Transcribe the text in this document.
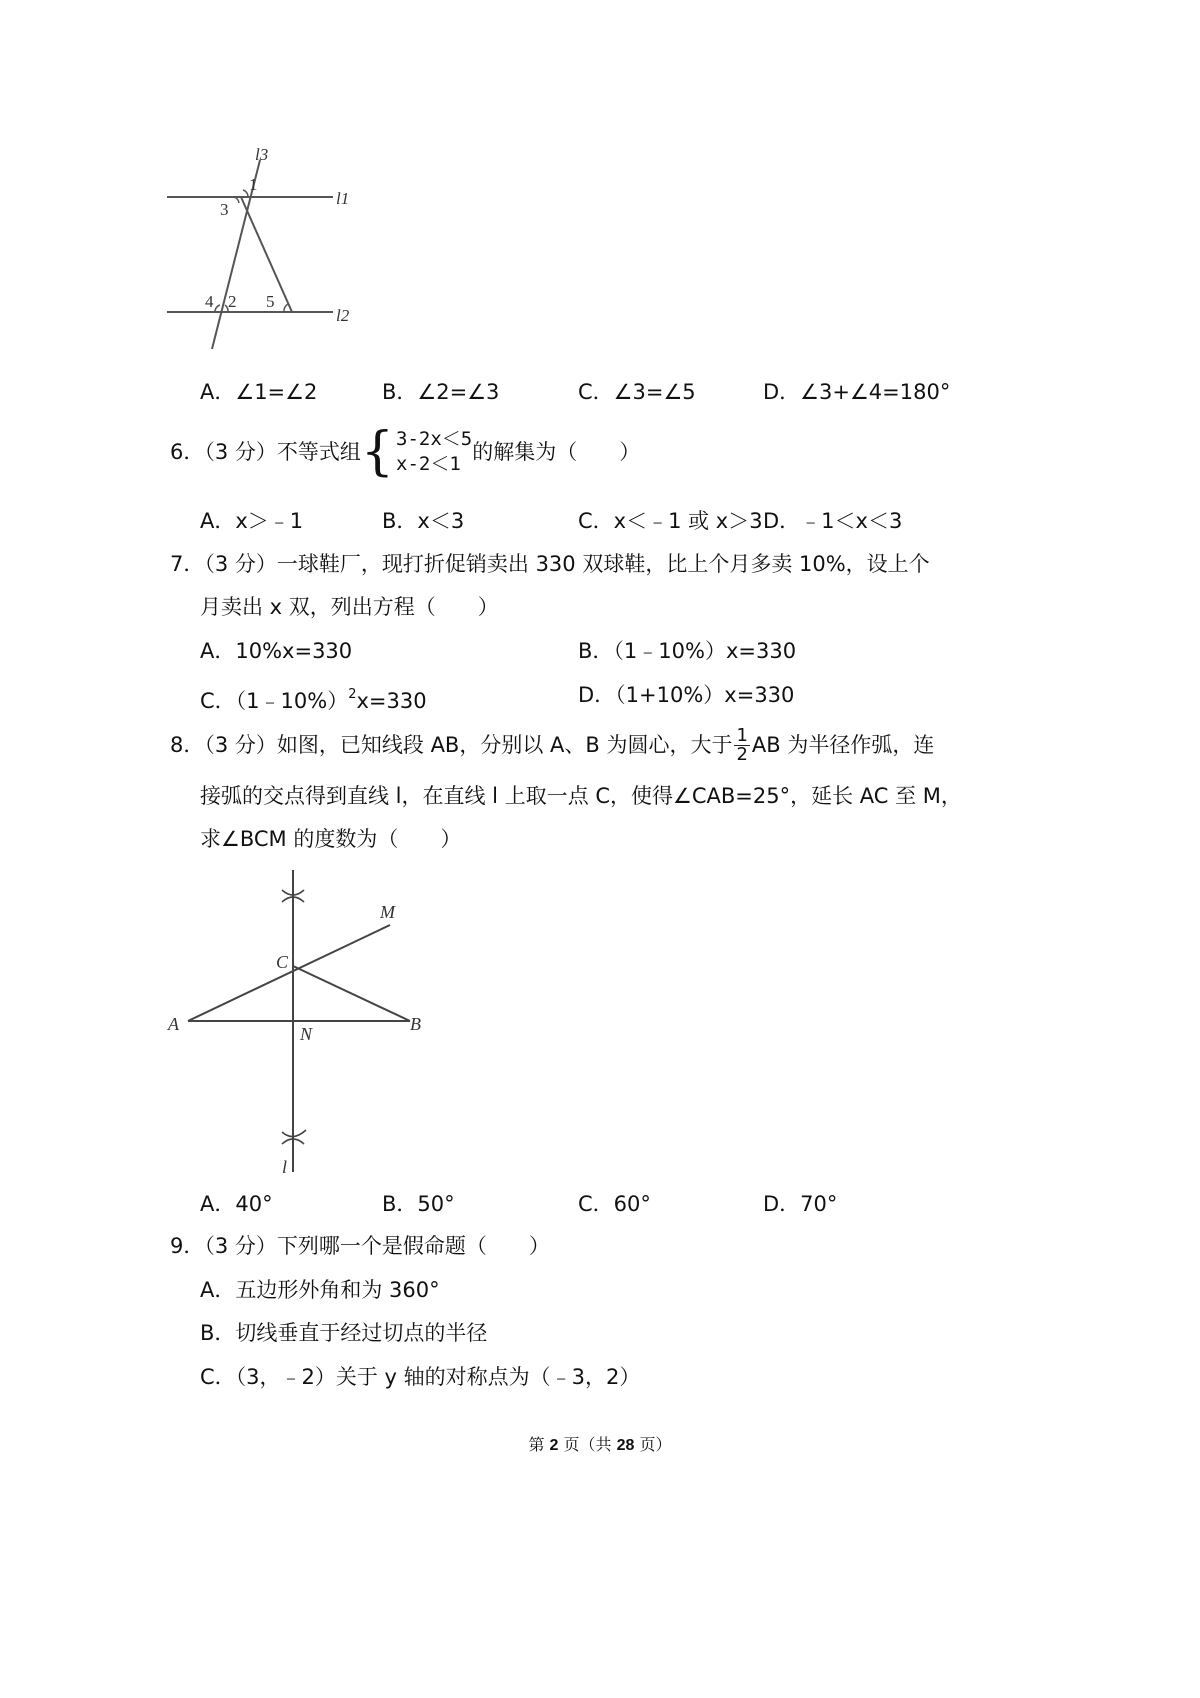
l3
l1
l2
1
3
4 2 5
A．∠1=∠2	B．∠2=∠3	C．∠3=∠5	D．∠3+∠4=180°
6．（3 分）不等式组 { 3-2x＜5
x-2＜1 的解集为（　　）
A．x＞﹣1	B．x＜3	C．x＜﹣1 或 x＞3 D．﹣1＜x＜3
7．（3 分）一球鞋厂，现打折促销卖出 330 双球鞋，比上个月多卖 10%，设上个
月卖出 x 双，列出方程（　　）
A．10%x=330	B．（1﹣10%）x=330
C．（1﹣10%）$^2$x=330	D．（1+10%）x=330
8．（3 分）如图，已知线段 AB，分别以 A、B 为圆心，大于 $\frac{1}{2}$ AB 为半径作弧，连
接弧的交点得到直线 l，在直线 l 上取一点 C，使得∠CAB=25°，延长 AC 至 M，
求∠BCM 的度数为（　　）
M
C
A	N	B
l
A．40°	B．50°	C．60°	D．70°
9．（3 分）下列哪一个是假命题（　　）
A．五边形外角和为 360°
B．切线垂直于经过切点的半径
C．（3，﹣2）关于 y 轴的对称点为（﹣3，2）
第 2 页（共 28 页）
